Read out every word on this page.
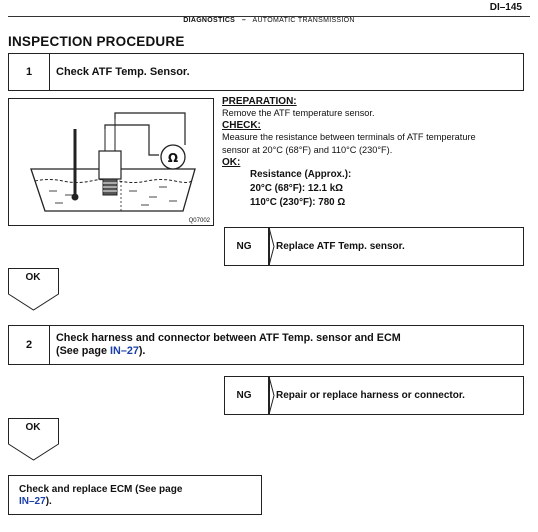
DI–145
DIAGNOSTICS – AUTOMATIC TRANSMISSION
INSPECTION PROCEDURE
1 Check ATF Temp. Sensor.
Ω
Q07002
PREPARATION:
Remove the ATF temperature sensor.
CHECK:
Measure the resistance between terminals of ATF temperature
sensor at 20°C (68°F) and 110°C (230°F).
OK:
Resistance (Approx.):
20°C (68°F): 12.1 kΩ
110°C (230°F): 780 Ω
NG	Replace ATF Temp. sensor.
OK
2
Check harness and connector between ATF Temp. sensor and ECM
(See page IN–27).
NG	Repair or replace harness or connector.
OK
Check and replace ECM (See page
IN–27).
